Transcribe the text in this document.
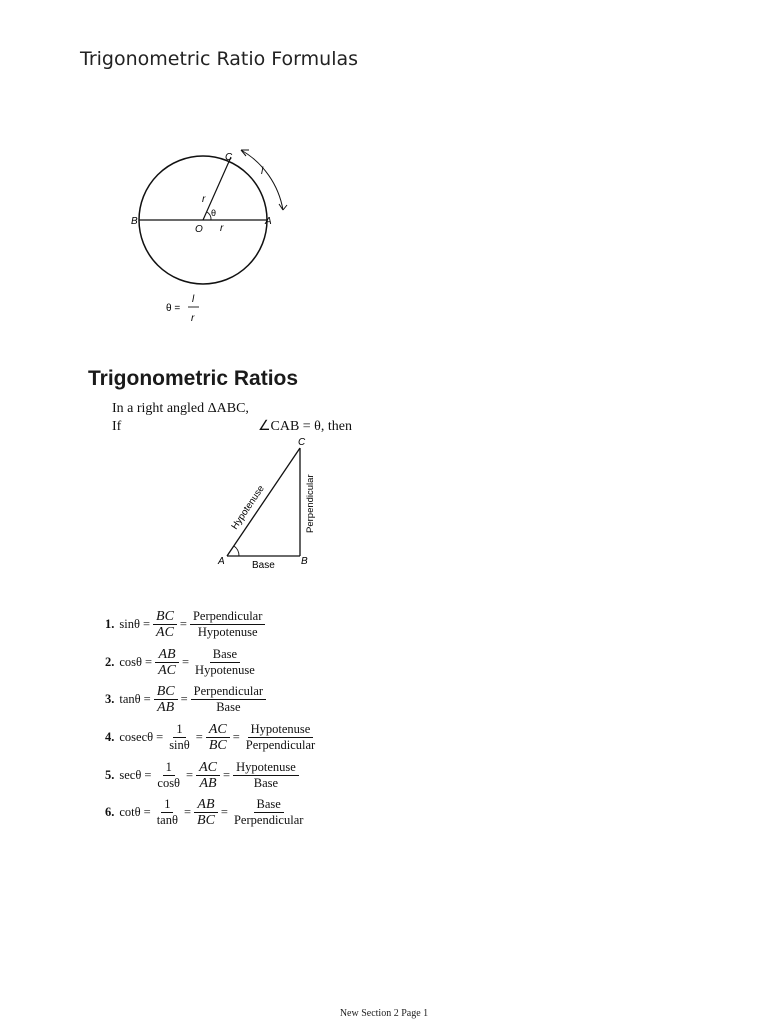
Trigonometric Ratio Formulas
C
B	A
O
r
r
θ
l
θ =
l
r
Trigonometric Ratios
In a right angled ΔABC,
If	∠CAB = θ, then
A	B
C
Base
Perpendicular
Hypotenuse
1. $\sin\theta = \frac{BC}{AC} = \frac{\text{Perpendicular}}{\text{Hypotenuse}}$
2. $\cos\theta = \frac{AB}{AC} = \frac{\text{Base}}{\text{Hypotenuse}}$
3. $\tan\theta = \frac{BC}{AB} = \frac{\text{Perpendicular}}{\text{Base}}$
4. $cosec\theta = \frac{1}{\sin\theta} = \frac{AC}{BC} = \frac{\text{Hypotenuse}}{\text{Perpendicular}}$
5. $\sec\theta = \frac{1}{\cos\theta} = \frac{AC}{AB} = \frac{\text{Hypotenuse}}{\text{Base}}$
6. $\cot\theta = \frac{1}{\tan\theta} = \frac{AB}{BC} = \frac{\text{Base}}{\text{Perpendicular}}$
New Section 2 Page 1
